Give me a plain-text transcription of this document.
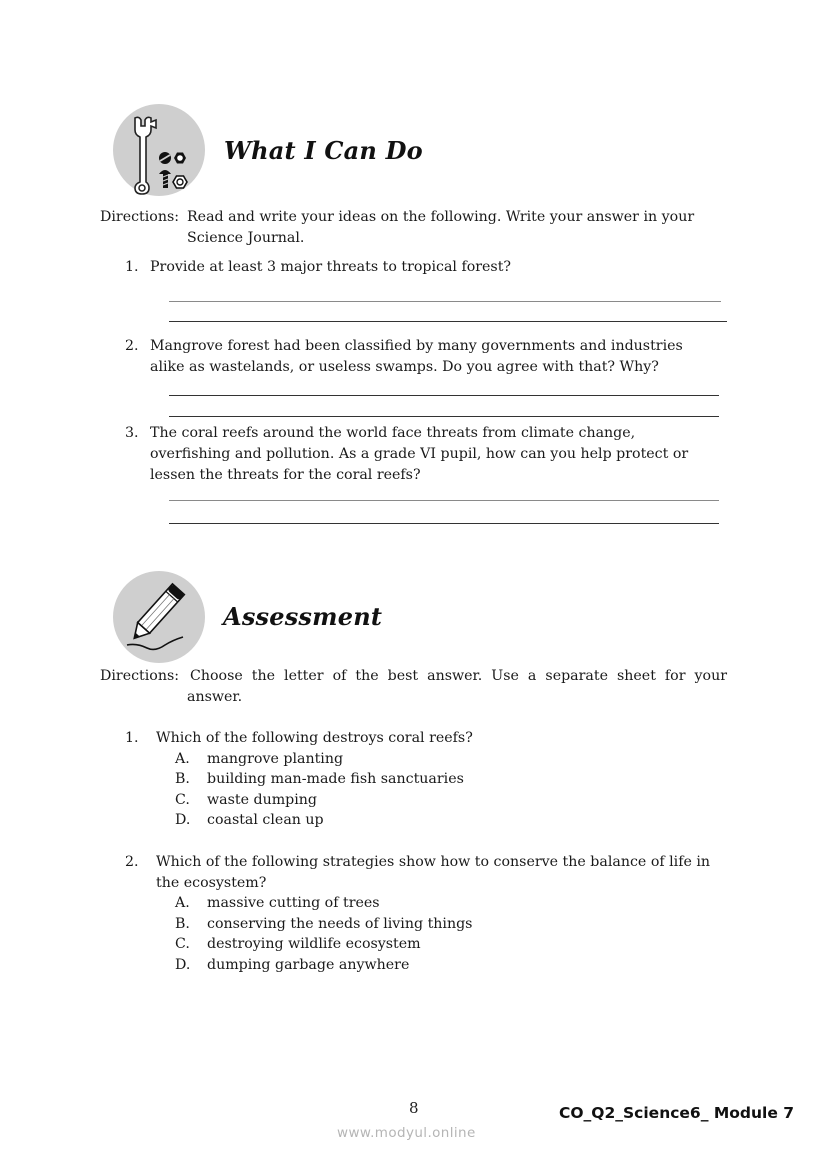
What I Can Do
Directions: Read and write your ideas on the following. Write your answer in your
Science Journal.
1. Provide at least 3 major threats to tropical forest?
2. Mangrove forest had been classified by many governments and industries
alike as wastelands, or useless swamps. Do you agree with that? Why?
3. The coral reefs around the world face threats from climate change,
overfishing and pollution. As a grade VI pupil, how can you help protect or
lessen the threats for the coral reefs?
Assessment
Directions: Choose the letter of the best answer. Use a separate sheet for your
answer.
1. Which of the following destroys coral reefs?
A. mangrove planting
B. building man-made fish sanctuaries
C. waste dumping
D. coastal clean up
2. Which of the following strategies show how to conserve the balance of life in
the ecosystem?
A. massive cutting of trees
B. conserving the needs of living things
C. destroying wildlife ecosystem
D. dumping garbage anywhere
8	CO_Q2_Science6_ Module 7
www.modyul.online
